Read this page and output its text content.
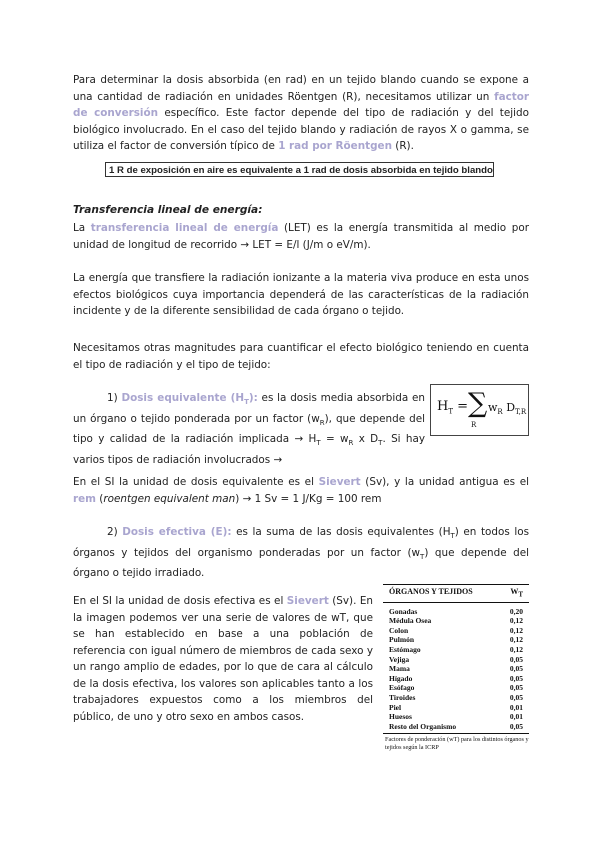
Para determinar la dosis absorbida (en rad) en un tejido blando cuando se expone a una cantidad de radiación en unidades Röentgen (R), necesitamos utilizar un factor de conversión específico. Este factor depende del tipo de radiación y del tejido biológico involucrado. En el caso del tejido blando y radiación de rayos X o gamma, se utiliza el factor de conversión típico de 1 rad por Röentgen (R).

1 R de exposición en aire es equivalente a 1 rad de dosis absorbida en tejido blando
Transferencia lineal de energía:

La transferencia lineal de energía (LET) es la energía transmitida al medio por unidad de longitud de recorrido → LET = E/l (J/m o eV/m).

La energía que transfiere la radiación ionizante a la materia viva produce en esta unos efectos biológicos cuya importancia dependerá de las características de la radiación incidente y de la diferente sensibilidad de cada órgano o tejido.

Necesitamos otras magnitudes para cuantificar el efecto biológico teniendo en cuenta el tipo de radiación y el tipo de tejido:

1) Dosis equivalente $(H_T)$: es la dosis media absorbida en un órgano o tejido ponderada por un factor $(w_R)$, que depende del tipo y calidad de la radiación implicada → $H_T = w_R$ x $D_T$. Si hay varios tipos de radiación involucrados →

$H_T$ = ∑
R
$w_R$ $D_{T,R}$

En el SI la unidad de dosis equivalente es el Sievert (Sv), y la unidad antigua es el rem (roentgen equivalent man) → 1 Sv = 1 J/Kg = 100 rem

2) Dosis efectiva (E): es la suma de las dosis equivalentes $(H_T)$ en todos los órganos y tejidos del organismo ponderadas por un factor $(w_T)$ que depende del órgano o tejido irradiado.

En el SI la unidad de dosis efectiva es el Sievert (Sv). En la imagen podemos ver una serie de valores de wT, que se han establecido en base a una población de referencia con igual número de miembros de cada sexo y un rango amplio de edades, por lo que de cara al cálculo de la dosis efectiva, los valores son aplicables tanto a los trabajadores expuestos como a los miembros del público, de uno y otro sexo en ambos casos.

ÓRGANOS Y TEJIDOS	$W_T$
Gonadas	0,20
Médula Osea	0,12
Colon	0,12
Pulmón	0,12
Estómago	0,12
Vejiga	0,05
Mama	0,05
Hígado	0,05
Esófago	0,05
Tiroides	0,05
Piel	0,01
Huesos	0,01
Resto del Organismo	0,05
Factores de ponderación (wT) para los distintos órganos y tejidos según la ICRP
